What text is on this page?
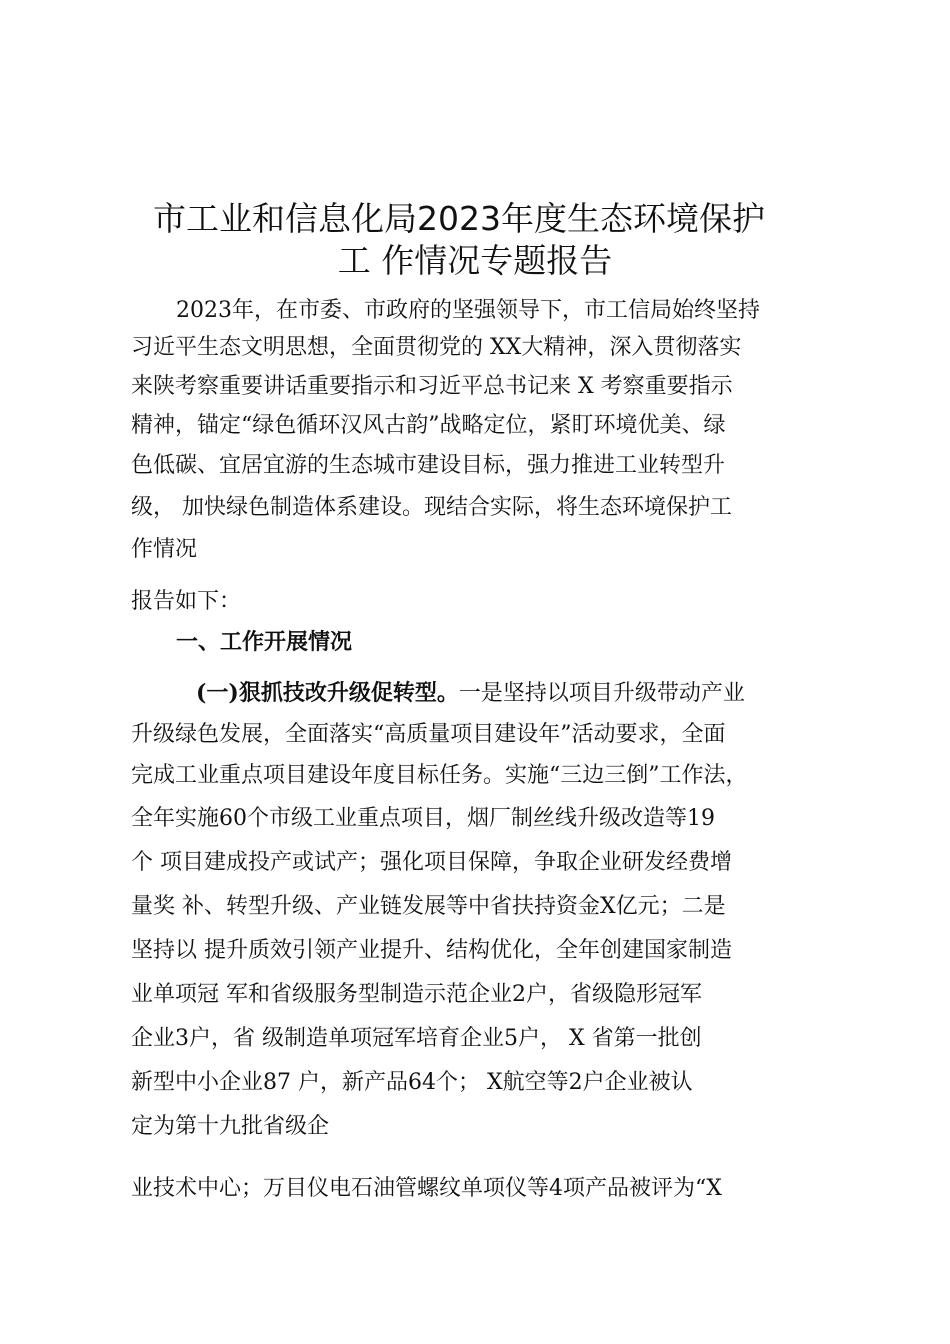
市工业和信息化局2023年度生态环境保护
工 作情况专题报告
2023年，在市委、市政府的坚强领导下，市工信局始终坚持
习近平生态文明思想，全面贯彻党的 XX大精神，深入贯彻落实
来陕考察重要讲话重要指示和习近平总书记来 X 考察重要指示
精神，锚定“绿色循环汉风古韵”战略定位，紧盯环境优美、绿
色低碳、宜居宜游的生态城市建设目标，强力推进工业转型升
级， 加快绿色制造体系建设。现结合实际，将生态环境保护工
作情况
报告如下：
一、工作开展情况
(一)狠抓技改升级促转型。一是坚持以项目升级带动产业
升级绿色发展，全面落实“高质量项目建设年”活动要求，全面
完成工业重点项目建设年度目标任务。实施“三边三倒”工作法，
全年实施60个市级工业重点项目，烟厂制丝线升级改造等19
个 项目建成投产或试产；强化项目保障，争取企业研发经费增
量奖 补、转型升级、产业链发展等中省扶持资金X亿元；二是
坚持以 提升质效引领产业提升、结构优化，全年创建国家制造
业单项冠 军和省级服务型制造示范企业2户，省级隐形冠军
企业3户，省 级制造单项冠军培育企业5户， X 省第一批创
新型中小企业87 户，新产品64个； X航空等2户企业被认
定为第十九批省级企
业技术中心；万目仪电石油管螺纹单项仪等4项产品被评为“X
